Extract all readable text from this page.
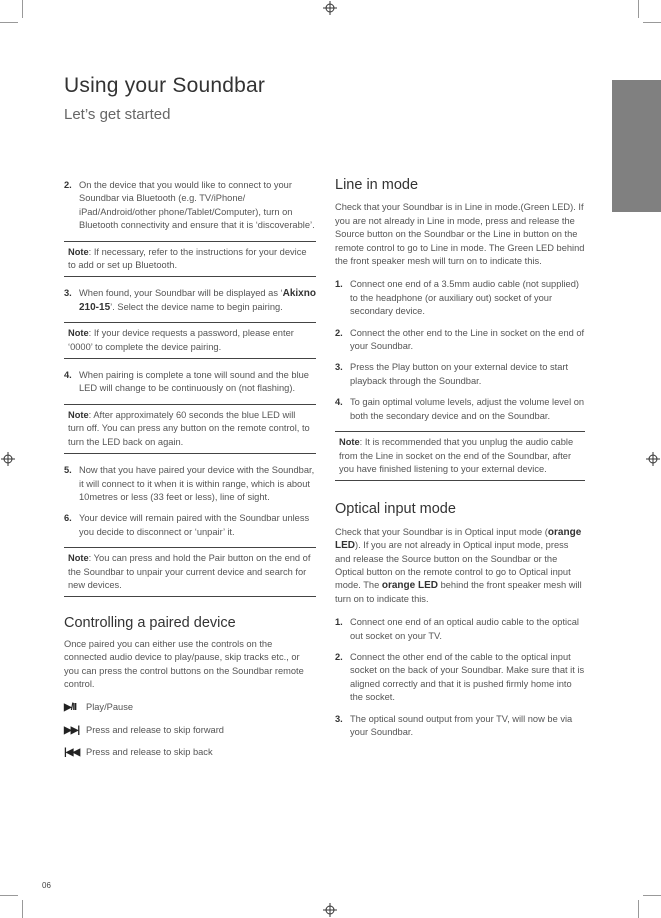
Using your Soundbar
Let’s get started
2. On the device that you would like to connect to your Soundbar via Bluetooth (e.g. TV/iPhone/ iPad/Android/other phone/Tablet/Computer), turn on Bluetooth connectivity and ensure that it is ‘discoverable’.
Note: If necessary, refer to the instructions for your device to add or set up Bluetooth.
3. When found, your Soundbar will be displayed as ‘Akixno 210-15’. Select the device name to begin pairing.
Note: If your device requests a password, please enter ‘0000’ to complete the device pairing.
4. When pairing is complete a tone will sound and the blue LED will change to be continuously on (not flashing).
Note: After approximately 60 seconds the blue LED will turn off. You can press any button on the remote control, to turn the LED back on again.
5. Now that you have paired your device with the Soundbar, it will connect to it when it is within range, which is about 10metres or less (33 feet or less), line of sight.
6. Your device will remain paired with the Soundbar unless you decide to disconnect or ‘unpair’ it.
Note: You can press and hold the Pair button on the end of the Soundbar to unpair your current device and search for new devices.
Controlling a paired device

Once paired you can either use the controls on the connected audio device to play/pause, skip tracks etc., or you can press the control buttons on the Soundbar remote control.

▶/II	Play/Pause
▶▶| Press and release to skip forward
|◀◀ Press and release to skip back
Line in mode

Check that your Soundbar is in Line in mode.(Green LED). If you are not already in Line in mode, press and release the Source button on the Soundbar or the Line in button on the remote control to go to Line in mode. The Green LED behind the front speaker mesh will turn on to indicate this.

1. Connect one end of a 3.5mm audio cable (not supplied) to the headphone (or auxiliary out) socket of your secondary device.
2. Connect the other end to the Line in socket on the end of your Soundbar.
3. Press the Play button on your external device to start playback through the Soundbar.
4. To gain optimal volume levels, adjust the volume level on both the secondary device and on the Soundbar.
Note: It is recommended that you unplug the audio cable from the Line in socket on the end of the Soundbar, after you have finished listening to your external device.
Optical input mode

Check that your Soundbar is in Optical input mode (orange LED). If you are not already in Optical input mode, press and release the Source button on the Soundbar or the Optical button on the remote control to go to Optical input mode. The orange LED behind the front speaker mesh will turn on to indicate this.

1. Connect one end of an optical audio cable to the optical out socket on your TV.
2. Connect the other end of the cable to the optical input socket on the back of your Soundbar. Make sure that it is aligned correctly and that it is pushed firmly home into the socket.
3. The optical sound output from your TV, will now be via your Soundbar.
06
